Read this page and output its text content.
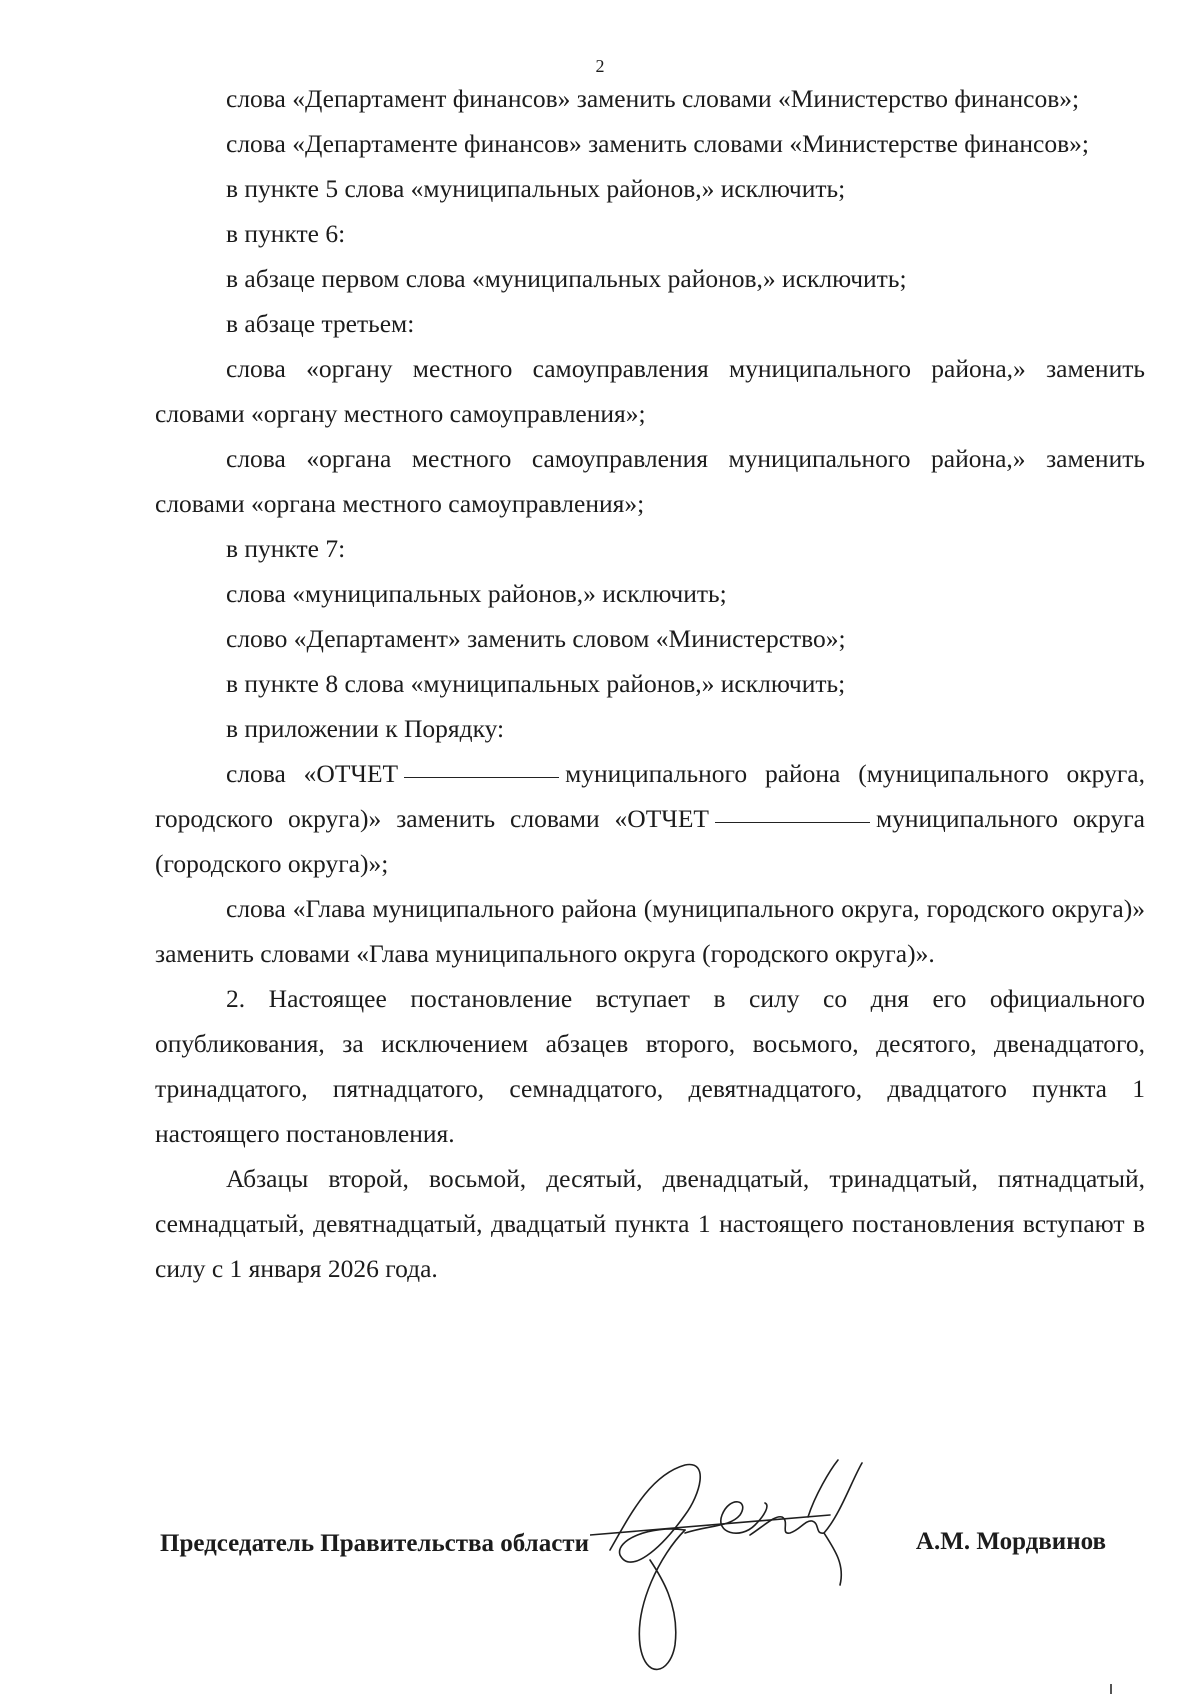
2

слова «Департамент финансов» заменить словами «Министерство финансов»;

слова «Департаменте финансов» заменить словами «Министерстве финансов»;

в пункте 5 слова «муниципальных районов,» исключить;

в пункте 6:

в абзаце первом слова «муниципальных районов,» исключить;

в абзаце третьем:

слова «органу местного самоуправления муниципального района,» заменить словами «органу местного самоуправления»;

слова «органа местного самоуправления муниципального района,» заменить словами «органа местного самоуправления»;

в пункте 7:

слова «муниципальных районов,» исключить;

слово «Департамент» заменить словом «Министерство»;

в пункте 8 слова «муниципальных районов,» исключить;

в приложении к Порядку:

слова «ОТЧЕТ	муниципального района (муниципального округа, городского округа)» заменить словами «ОТЧЕТ	муниципального округа (городского округа)»;

слова «Глава муниципального района (муниципального округа, городского округа)» заменить словами «Глава муниципального округа (городского округа)».

2. Настоящее постановление вступает в силу со дня его официального опубликования, за исключением абзацев второго, восьмого, десятого, двенадцатого, тринадцатого, пятнадцатого, семнадцатого, девятнадцатого, двадцатого пункта 1 настоящего постановления.

Абзацы второй, восьмой, десятый, двенадцатый, тринадцатый, пятнадцатый, семнадцатый, девятнадцатый, двадцатый пункта 1 настоящего постановления вступают в силу с 1 января 2026 года.

Председатель Правительства области	А.М. Мордвинов
